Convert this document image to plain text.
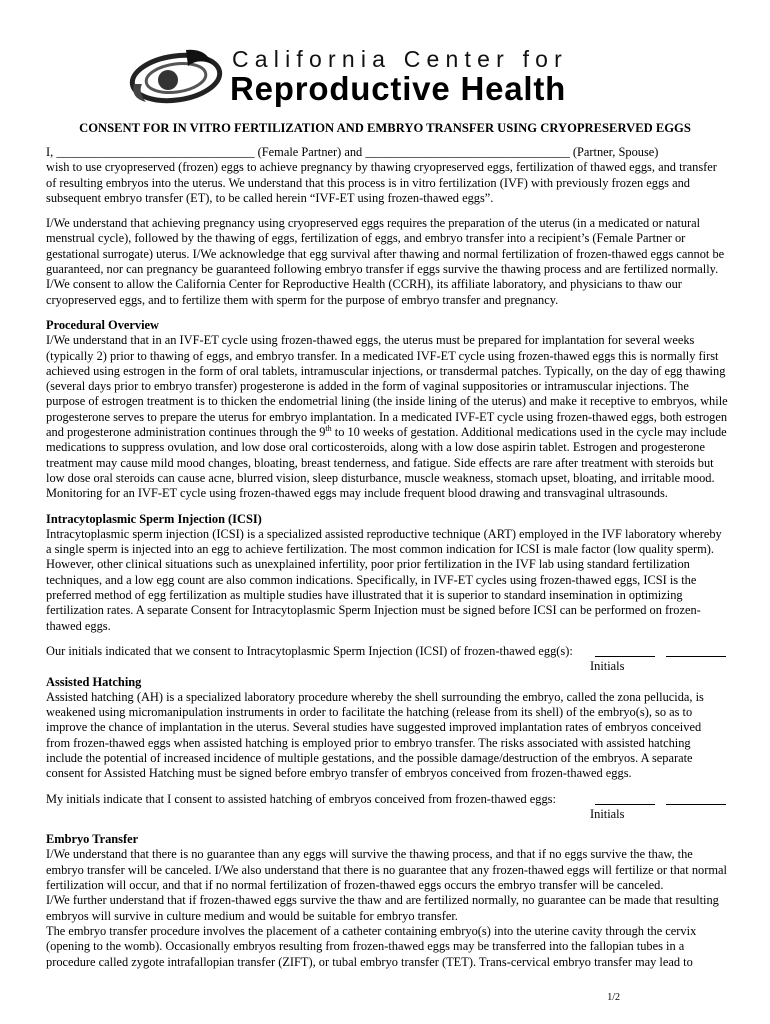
California Center for
Reproductive Health
CONSENT FOR IN VITRO FERTILIZATION AND EMBRYO TRANSFER USING CRYOPRESERVED EGGS

I, ________________________________ (Female Partner) and _________________________________ (Partner, Spouse)

wish to use cryopreserved (frozen) eggs to achieve pregnancy by thawing cryopreserved eggs, fertilization of thawed eggs, and transfer of resulting embryos into the uterus. We understand that this process is in vitro fertilization (IVF) with previously frozen eggs and subsequent embryo transfer (ET), to be called herein “IVF-ET using frozen-thawed eggs”.

I/We understand that achieving pregnancy using cryopreserved eggs requires the preparation of the uterus (in a medicated or natural menstrual cycle), followed by the thawing of eggs, fertilization of eggs, and embryo transfer into a recipient’s (Female Partner or gestational surrogate) uterus. I/We acknowledge that egg survival after thawing and normal fertilization of frozen-thawed eggs cannot be guaranteed, nor can pregnancy be guaranteed following embryo transfer if eggs survive the thawing process and are fertilized normally. I/We consent to allow the California Center for Reproductive Health (CCRH), its affiliate laboratory, and physicians to thaw our cryopreserved eggs, and to fertilize them with sperm for the purpose of embryo transfer and pregnancy.

Procedural Overview

I/We understand that in an IVF-ET cycle using frozen-thawed eggs, the uterus must be prepared for implantation for several weeks (typically 2) prior to thawing of eggs, and embryo transfer. In a medicated IVF-ET cycle using frozen-thawed eggs this is normally first achieved using estrogen in the form of oral tablets, intramuscular injections, or transdermal patches. Typically, on the day of egg thawing (several days prior to embryo transfer) progesterone is added in the form of vaginal suppositories or intramuscular injections. The purpose of estrogen treatment is to thicken the endometrial lining (the inside lining of the uterus) and make it receptive to embryos, while progesterone serves to prepare the uterus for embryo implantation. In a medicated IVF-ET cycle using frozen-thawed eggs, both estrogen and progesterone administration continues through the 9th to 10 weeks of gestation. Additional medications used in the cycle may include medications to suppress ovulation, and low dose oral corticosteroids, along with a low dose aspirin tablet. Estrogen and progesterone treatment may cause mild mood changes, bloating, breast tenderness, and fatigue. Side effects are rare after treatment with steroids but low dose oral steroids can cause acne, blurred vision, sleep disturbance, muscle weakness, stomach upset, bloating, and irritable mood. Monitoring for an IVF-ET cycle using frozen-thawed eggs may include frequent blood drawing and transvaginal ultrasounds.

Intracytoplasmic Sperm Injection (ICSI)

Intracytoplasmic sperm injection (ICSI) is a specialized assisted reproductive technique (ART) employed in the IVF laboratory whereby a single sperm is injected into an egg to achieve fertilization. The most common indication for ICSI is male factor (low quality sperm). However, other clinical situations such as unexplained infertility, poor prior fertilization in the IVF lab using standard fertilization techniques, and a low egg count are also common indications. Specifically, in IVF-ET cycles using frozen-thawed eggs, ICSI is the preferred method of egg fertilization as multiple studies have illustrated that it is superior to standard insemination in optimizing fertilization rates. A separate Consent for Intracytoplasmic Sperm Injection must be signed before ICSI can be performed on frozen-thawed eggs.

Our initials indicated that we consent to Intracytoplasmic Sperm Injection (ICSI) of frozen-thawed egg(s):

Initials

Assisted Hatching

Assisted hatching (AH) is a specialized laboratory procedure whereby the shell surrounding the embryo, called the zona pellucida, is weakened using micromanipulation instruments in order to facilitate the hatching (release from its shell) of the embryo(s), so as to improve the chance of implantation in the uterus. Several studies have suggested improved implantation rates of embryos conceived from frozen-thawed eggs when assisted hatching is employed prior to embryo transfer. The risks associated with assisted hatching include the potential of increased incidence of multiple gestations, and the possible damage/destruction of the embryos. A separate consent for Assisted Hatching must be signed before embryo transfer of embryos conceived from frozen-thawed eggs.

My initials indicate that I consent to assisted hatching of embryos conceived from frozen-thawed eggs:

Initials

Embryo Transfer

I/We understand that there is no guarantee than any eggs will survive the thawing process, and that if no eggs survive the thaw, the embryo transfer will be canceled. I/We also understand that there is no guarantee that any frozen-thawed eggs will fertilize or that normal fertilization will occur, and that if no normal fertilization of frozen-thawed eggs occurs the embryo transfer will be canceled.

I/We further understand that if frozen-thawed eggs survive the thaw and are fertilized normally, no guarantee can be made that resulting embryos will survive in culture medium and would be suitable for embryo transfer.

The embryo transfer procedure involves the placement of a catheter containing embryo(s) into the uterine cavity through the cervix (opening to the womb). Occasionally embryos resulting from frozen-thawed eggs may be transferred into the fallopian tubes in a procedure called zygote intrafallopian transfer (ZIFT), or tubal embryo transfer (TET). Trans-cervical embryo transfer may lead to

1/2
